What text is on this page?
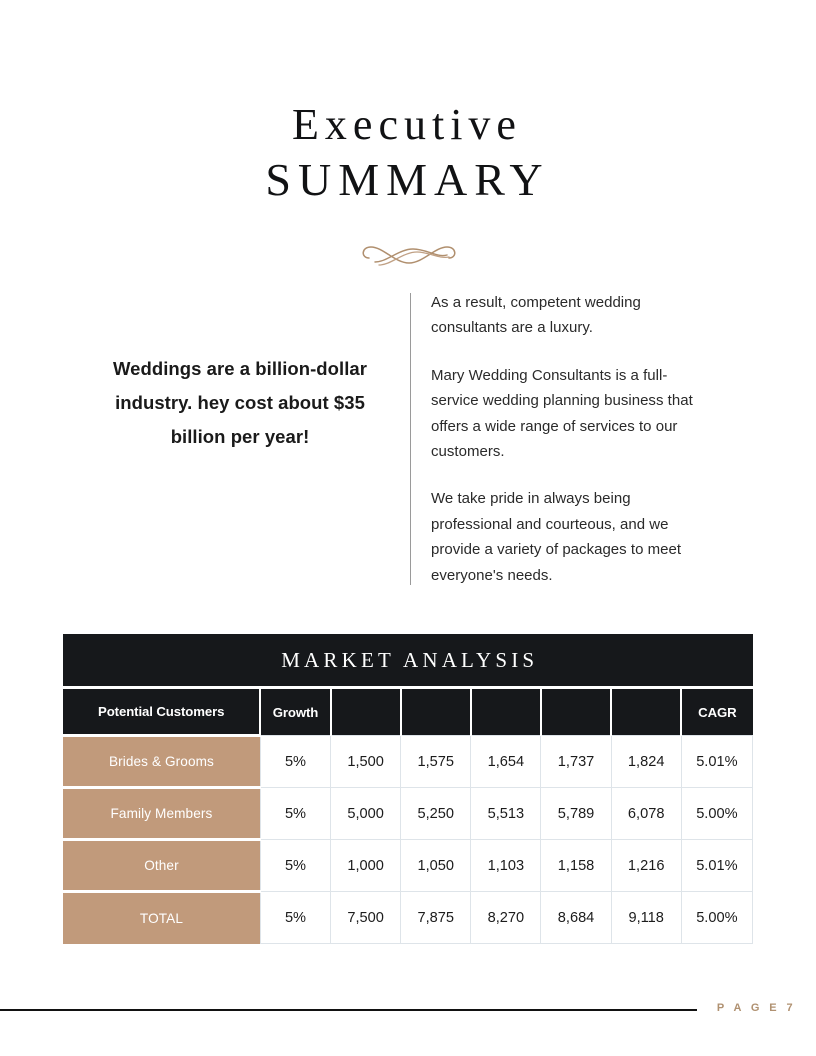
Executive
SUMMARY
Weddings are a billion-dollar industry. hey cost about $35 billion per year!

As a result, competent wedding consultants are a luxury.

Mary Wedding Consultants is a full-service wedding planning business that offers a wide range of services to our customers.

We take pride in always being professional and courteous, and we provide a variety of packages to meet everyone's needs.

MARKET ANALYSIS							
Potential Customers	Growth						CAGR
Brides & Grooms	5%	1,500	1,575	1,654	1,737	1,824	5.01%
Family Members	5%	5,000	5,250	5,513	5,789	6,078	5.00%
Other	5%	1,000	1,050	1,103	1,158	1,216	5.01%
TOTAL	5%	7,500	7,875	8,270	8,684	9,118	5.00%
P A G E 7
